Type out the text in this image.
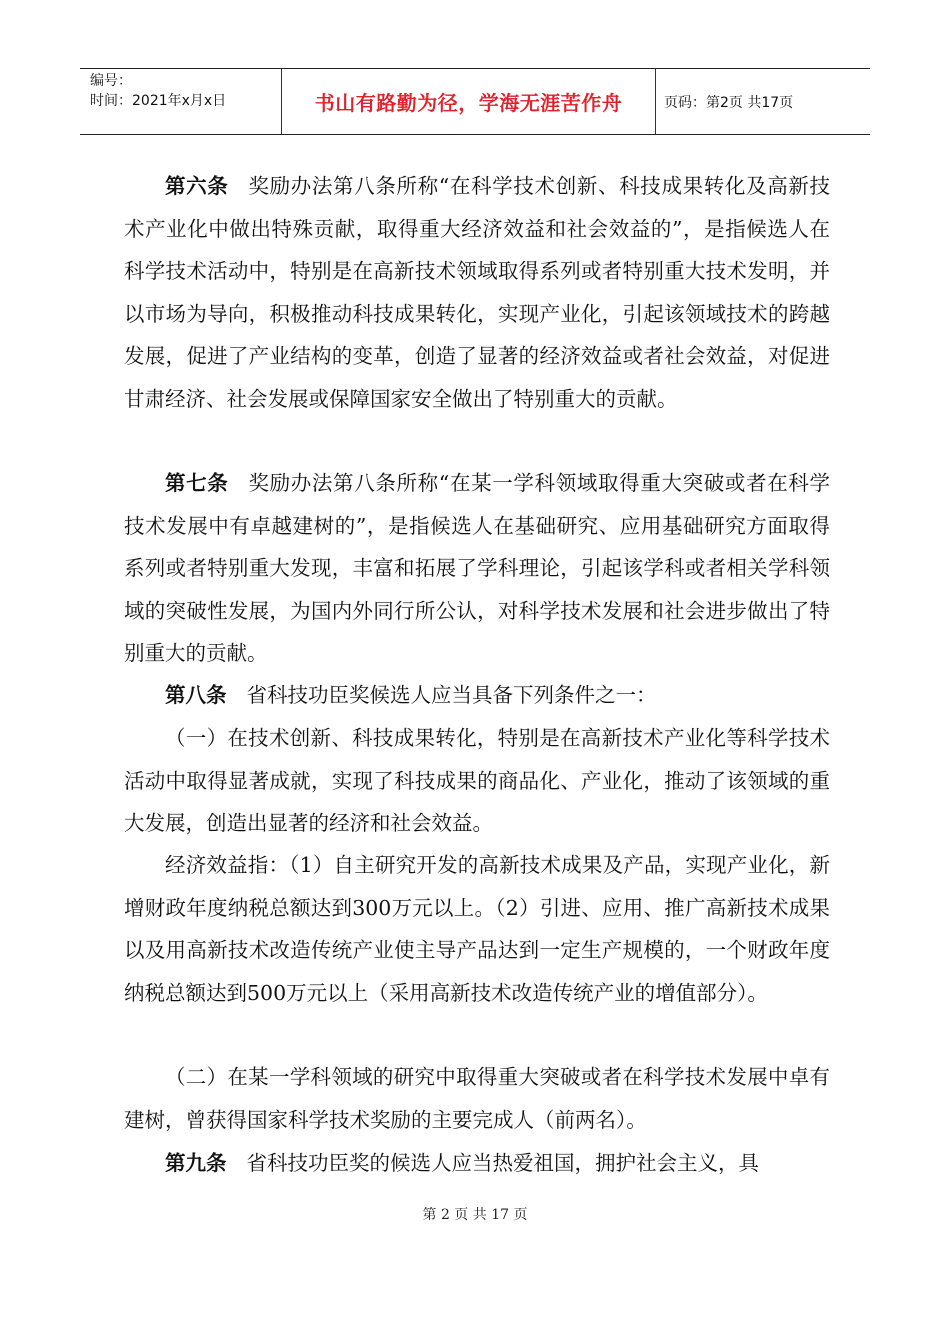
编号：
时间：2021年x月x日	书山有路勤为径，学海无涯苦作舟	页码：第2页 共17页

第六条 奖励办法第八条所称“在科学技术创新、科技成果转化及高新技术产业化中做出特殊贡献，取得重大经济效益和社会效益的”，是指候选人在科学技术活动中，特别是在高新技术领域取得系列或者特别重大技术发明，并以市场为导向，积极推动科技成果转化，实现产业化，引起该领域技术的跨越发展，促进了产业结构的变革，创造了显著的经济效益或者社会效益，对促进甘肃经济、社会发展或保障国家安全做出了特别重大的贡献。

第七条 奖励办法第八条所称“在某一学科领域取得重大突破或者在科学技术发展中有卓越建树的”，是指候选人在基础研究、应用基础研究方面取得系列或者特别重大发现，丰富和拓展了学科理论，引起该学科或者相关学科领域的突破性发展，为国内外同行所公认，对科学技术发展和社会进步做出了特别重大的贡献。

第八条 省科技功臣奖候选人应当具备下列条件之一：

（一）在技术创新、科技成果转化，特别是在高新技术产业化等科学技术活动中取得显著成就，实现了科技成果的商品化、产业化，推动了该领域的重大发展，创造出显著的经济和社会效益。

经济效益指：（1）自主研究开发的高新技术成果及产品，实现产业化，新增财政年度纳税总额达到300万元以上。（2）引进、应用、推广高新技术成果以及用高新技术改造传统产业使主导产品达到一定生产规模的，一个财政年度纳税总额达到500万元以上（采用高新技术改造传统产业的增值部分）。

（二）在某一学科领域的研究中取得重大突破或者在科学技术发展中卓有建树，曾获得国家科学技术奖励的主要完成人（前两名）。

第九条 省科技功臣奖的候选人应当热爱祖国，拥护社会主义，具

第 2 页 共 17 页
